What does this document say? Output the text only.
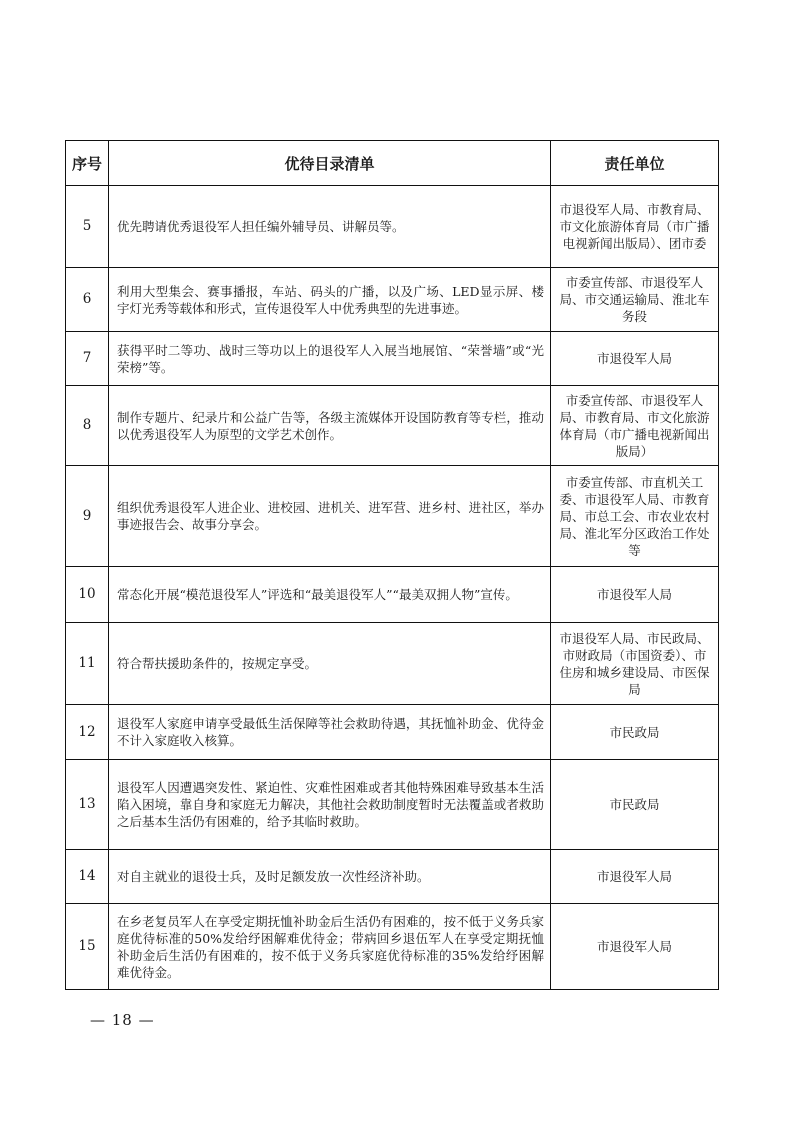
序号	优待目录清单	责任单位
5	优先聘请优秀退役军人担任编外辅导员、讲解员等。	市退役军人局、市教育局、市文化旅游体育局（市广播电视新闻出版局）、团市委
6	利用大型集会、赛事播报，车站、码头的广播，以及广场、LED显示屏、楼宇灯光秀等载体和形式，宣传退役军人中优秀典型的先进事迹。	市委宣传部、市退役军人局、市交通运输局、淮北车务段
7	获得平时二等功、战时三等功以上的退役军人入展当地展馆、“荣誉墙”或“光荣榜”等。	市退役军人局
8	制作专题片、纪录片和公益广告等，各级主流媒体开设国防教育等专栏，推动以优秀退役军人为原型的文学艺术创作。	市委宣传部、市退役军人局、市教育局、市文化旅游体育局（市广播电视新闻出版局）
9	组织优秀退役军人进企业、进校园、进机关、进军营、进乡村、进社区，举办事迹报告会、故事分享会。	市委宣传部、市直机关工委、市退役军人局、市教育局、市总工会、市农业农村局、淮北军分区政治工作处等
10	常态化开展“模范退役军人”评选和“最美退役军人”“最美双拥人物”宣传。	市退役军人局
11	符合帮扶援助条件的，按规定享受。	市退役军人局、市民政局、市财政局（市国资委）、市住房和城乡建设局、市医保局
12	退役军人家庭申请享受最低生活保障等社会救助待遇，其抚恤补助金、优待金不计入家庭收入核算。	市民政局
13	退役军人因遭遇突发性、紧迫性、灾难性困难或者其他特殊困难导致基本生活陷入困境，靠自身和家庭无力解决，其他社会救助制度暂时无法覆盖或者救助之后基本生活仍有困难的，给予其临时救助。	市民政局
14	对自主就业的退役士兵，及时足额发放一次性经济补助。	市退役军人局
15	在乡老复员军人在享受定期抚恤补助金后生活仍有困难的，按不低于义务兵家庭优待标准的50%发给纾困解难优待金；带病回乡退伍军人在享受定期抚恤补助金后生活仍有困难的，按不低于义务兵家庭优待标准的35%发给纾困解难优待金。	市退役军人局
— 18 —
